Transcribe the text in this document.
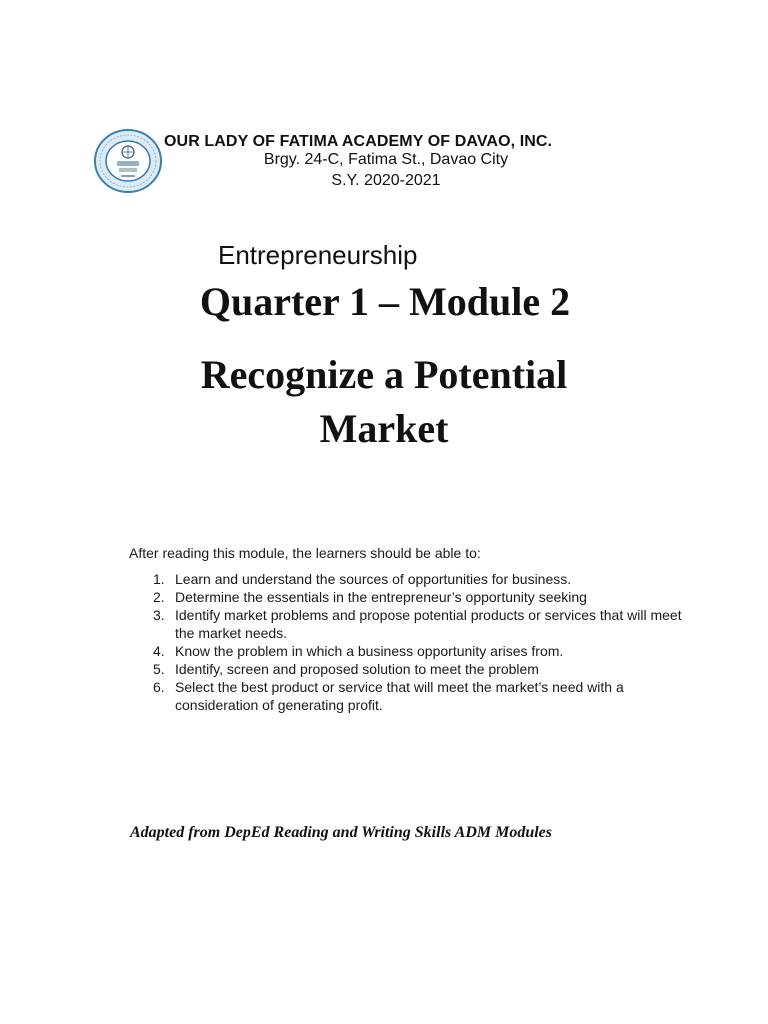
OUR LADY OF FATIMA ACADEMY OF DAVAO, INC.
Brgy. 24-C, Fatima St., Davao City
S.Y. 2020-2021
Entrepreneurship
Quarter 1 – Module 2
Recognize a Potential
Market
After reading this module, the learners should be able to:
1. Learn and understand the sources of opportunities for business.
2. Determine the essentials in the entrepreneur’s opportunity seeking
3. Identify market problems and propose potential products or services that will meet the market needs.
4. Know the problem in which a business opportunity arises from.
5. Identify, screen and proposed solution to meet the problem
6. Select the best product or service that will meet the market’s need with a consideration of generating profit.
Adapted from DepEd Reading and Writing Skills ADM Modules
